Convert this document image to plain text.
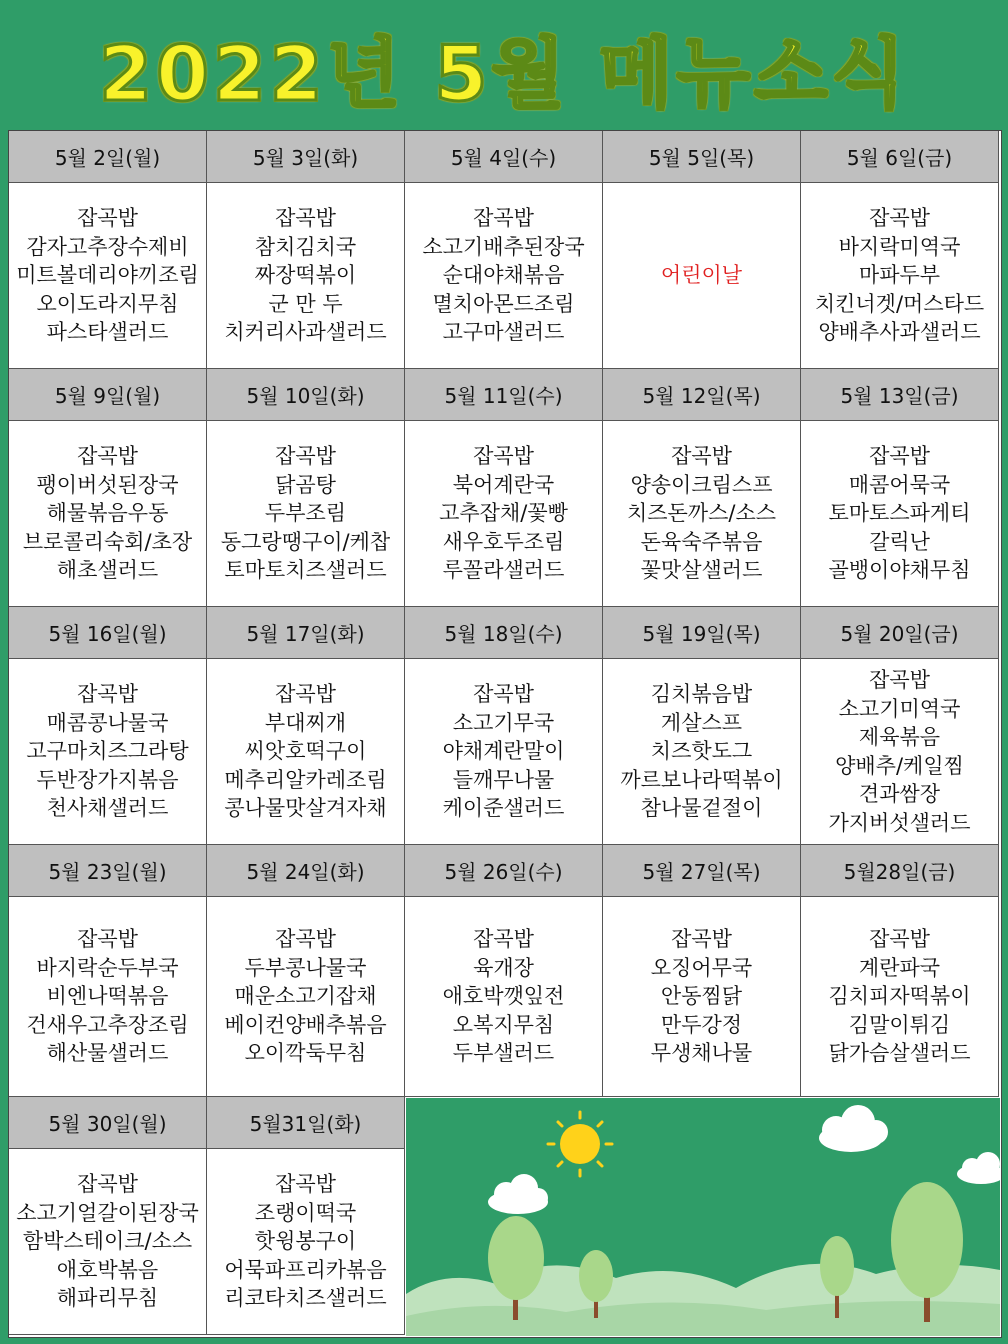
2022년 5월 메뉴소식
5월 2일(월)
잡곡밥
감자고추장수제비
미트볼데리야끼조림
오이도라지무침
파스타샐러드
5월 3일(화)
잡곡밥
참치김치국
짜장떡볶이
군 만 두
치커리사과샐러드
5월 4일(수)
잡곡밥
소고기배추된장국
순대야채볶음
멸치아몬드조림
고구마샐러드
5월 5일(목)
어린이날
5월 6일(금)
잡곡밥
바지락미역국
마파두부
치킨너겟/머스타드
양배추사과샐러드
5월 9일(월)
잡곡밥
팽이버섯된장국
해물볶음우동
브로콜리숙회/초장
해초샐러드
5월 10일(화)
잡곡밥
닭곰탕
두부조림
동그랑땡구이/케찹
토마토치즈샐러드
5월 11일(수)
잡곡밥
북어계란국
고추잡채/꽃빵
새우호두조림
루꼴라샐러드
5월 12일(목)
잡곡밥
양송이크림스프
치즈돈까스/소스
돈육숙주볶음
꽃맛살샐러드
5월 13일(금)
잡곡밥
매콤어묵국
토마토스파게티
갈릭난
골뱅이야채무침
5월 16일(월)
잡곡밥
매콤콩나물국
고구마치즈그라탕
두반장가지볶음
천사채샐러드
5월 17일(화)
잡곡밥
부대찌개
씨앗호떡구이
메추리알카레조림
콩나물맛살겨자채
5월 18일(수)
잡곡밥
소고기무국
야채계란말이
들깨무나물
케이준샐러드
5월 19일(목)
김치볶음밥
게살스프
치즈핫도그
까르보나라떡볶이
참나물겉절이
5월 20일(금)
잡곡밥
소고기미역국
제육볶음
양배추/케일찜
견과쌈장
가지버섯샐러드
5월 23일(월)
잡곡밥
바지락순두부국
비엔나떡볶음
건새우고추장조림
해산물샐러드
5월 24일(화)
잡곡밥
두부콩나물국
매운소고기잡채
베이컨양배추볶음
오이깍둑무침
5월 26일(수)
잡곡밥
육개장
애호박깻잎전
오복지무침
두부샐러드
5월 27일(목)
잡곡밥
오징어무국
안동찜닭
만두강정
무생채나물
5월28일(금)
잡곡밥
계란파국
김치피자떡볶이
김말이튀김
닭가슴살샐러드
5월 30일(월)
잡곡밥
소고기얼갈이된장국
함박스테이크/소스
애호박볶음
해파리무침
5월31일(화)
잡곡밥
조랭이떡국
핫윙봉구이
어묵파프리카볶음
리코타치즈샐러드
